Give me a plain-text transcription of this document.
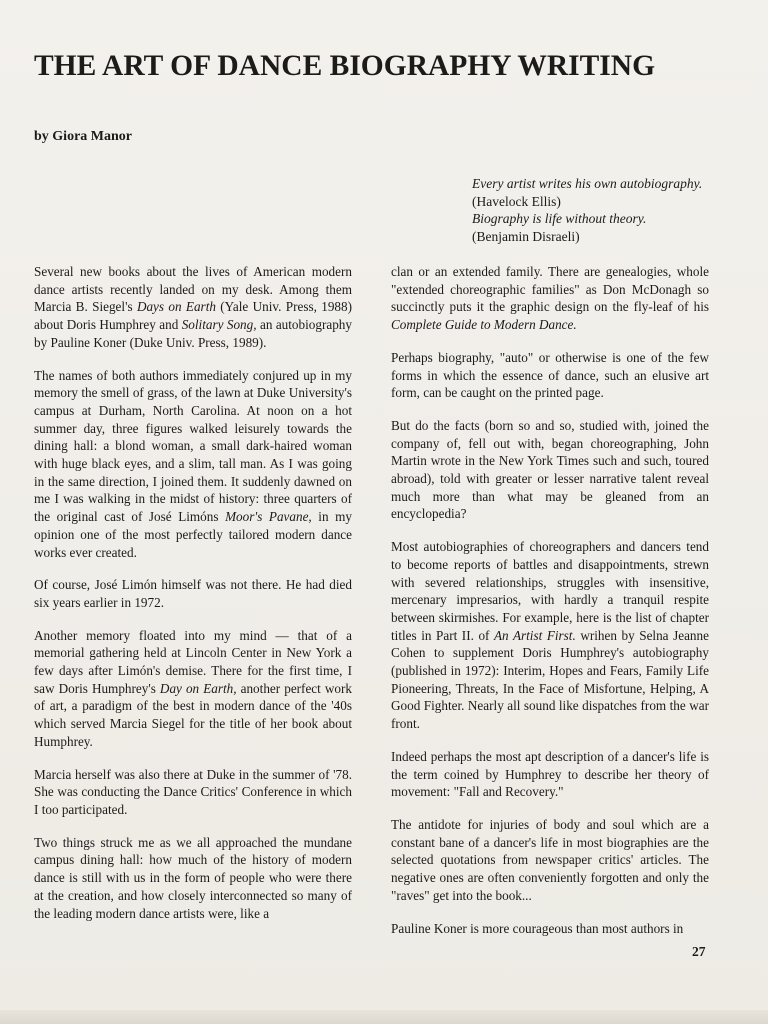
THE ART OF DANCE BIOGRAPHY WRITING

by Giora Manor

Every artist writes his own autobiography.
(Havelock Ellis)
Biography is life without theory.
(Benjamin Disraeli)

Several new books about the lives of American modern dance artists recently landed on my desk. Among them Marcia B. Siegel's Days on Earth (Yale Univ. Press, 1988) about Doris Humphrey and Solitary Song, an autobiography by Pauline Koner (Duke Univ. Press, 1989).

The names of both authors immediately conjured up in my memory the smell of grass, of the lawn at Duke University's campus at Durham, North Carolina. At noon on a hot summer day, three figures walked leisurely towards the dining hall: a blond woman, a small dark-haired woman with huge black eyes, and a slim, tall man. As I was going in the same direction, I joined them. It suddenly dawned on me I was walking in the midst of history: three quarters of the original cast of José Limóns Moor's Pavane, in my opinion one of the most perfectly tailored modern dance works ever created.

Of course, José Limón himself was not there. He had died six years earlier in 1972.

Another memory floated into my mind — that of a memorial gathering held at Lincoln Center in New York a few days after Limón's demise. There for the first time, I saw Doris Humphrey's Day on Earth, another perfect work of art, a paradigm of the best in modern dance of the '40s which served Marcia Siegel for the title of her book about Humphrey.

Marcia herself was also there at Duke in the summer of '78. She was conducting the Dance Critics' Conference in which I too participated.

Two things struck me as we all approached the mundane campus dining hall: how much of the history of modern dance is still with us in the form of people who were there at the creation, and how closely interconnected so many of the leading modern dance artists were, like a

clan or an extended family. There are genealogies, whole "extended choreographic families" as Don McDonagh so succinctly puts it the graphic design on the fly-leaf of his Complete Guide to Modern Dance.

Perhaps biography, "auto" or otherwise is one of the few forms in which the essence of dance, such an elusive art form, can be caught on the printed page.

But do the facts (born so and so, studied with, joined the company of, fell out with, began choreographing, John Martin wrote in the New York Times such and such, toured abroad), told with greater or lesser narrative talent reveal much more than what may be gleaned from an encyclopedia?

Most autobiographies of choreographers and dancers tend to become reports of battles and disappointments, strewn with severed relationships, struggles with insensitive, mercenary impresarios, with hardly a tranquil respite between skirmishes. For example, here is the list of chapter titles in Part II. of An Artist First. wrihen by Selna Jeanne Cohen to supplement Doris Humphrey's autobiography (published in 1972): Interim, Hopes and Fears, Family Life Pioneering, Threats, In the Face of Misfortune, Helping, A Good Fighter. Nearly all sound like dispatches from the war front.

Indeed perhaps the most apt description of a dancer's life is the term coined by Humphrey to describe her theory of movement: "Fall and Recovery."

The antidote for injuries of body and soul which are a constant bane of a dancer's life in most biographies are the selected quotations from newspaper critics' articles. The negative ones are often conveniently forgotten and only the "raves" get into the book...

Pauline Koner is more courageous than most authors in

27
